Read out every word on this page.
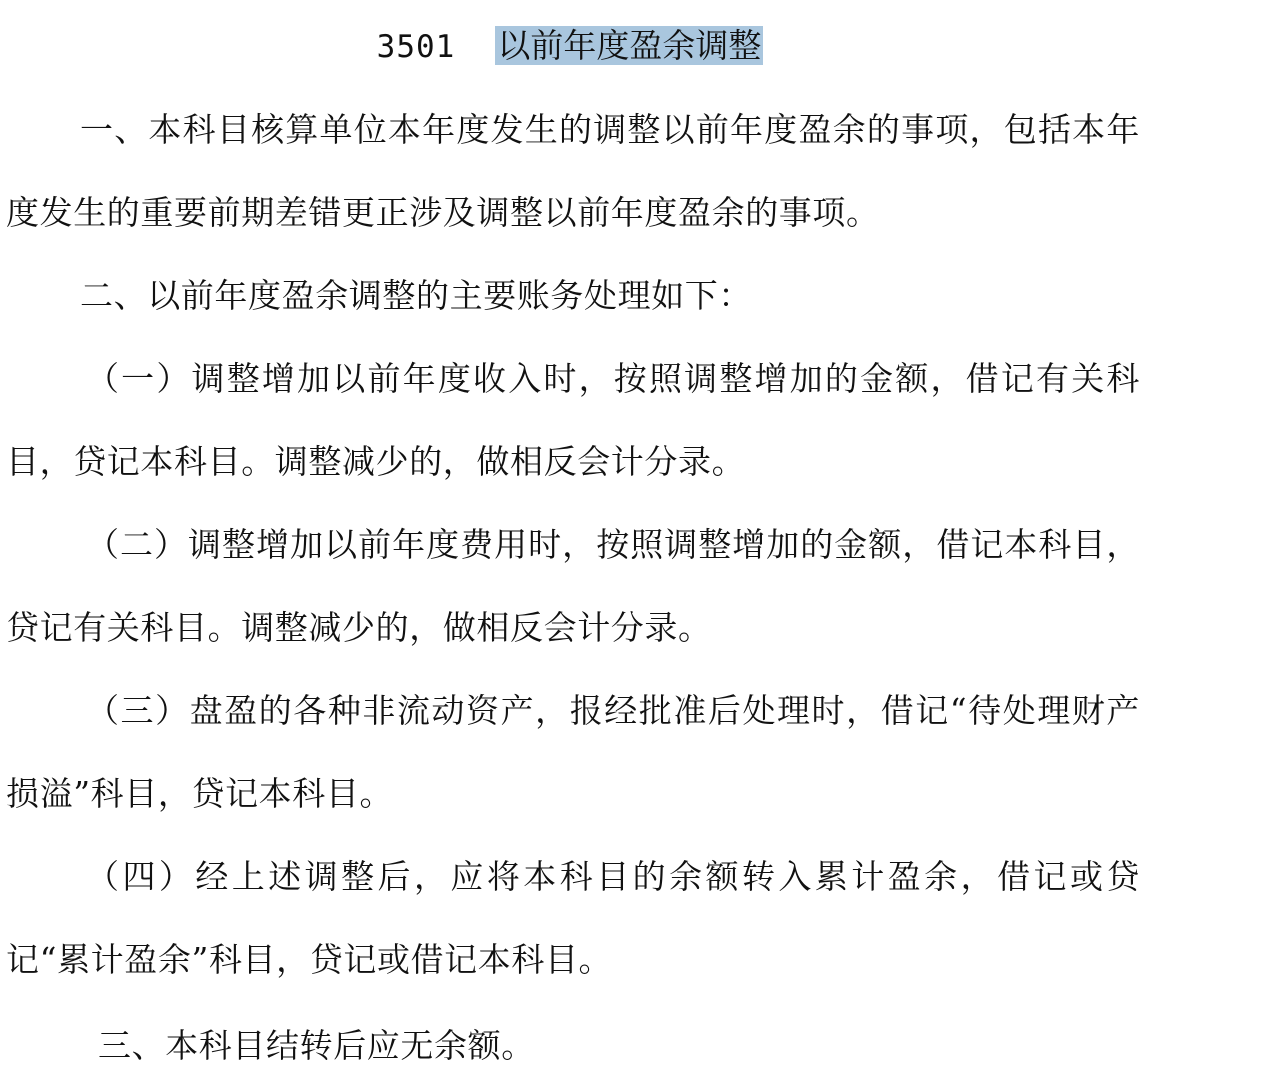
3501 以前年度盈余调整

一、本科目核算单位本年度发生的调整以前年度盈余的事项，包括本年度发生的重要前期差错更正涉及调整以前年度盈余的事项。

二、以前年度盈余调整的主要账务处理如下：

（一）调整增加以前年度收入时，按照调整增加的金额，借记有关科目，贷记本科目。调整减少的，做相反会计分录。

（二）调整增加以前年度费用时，按照调整增加的金额，借记本科目，贷记有关科目。调整减少的，做相反会计分录。

（三）盘盈的各种非流动资产，报经批准后处理时，借记“待处理财产损溢”科目，贷记本科目。

（四）经上述调整后，应将本科目的余额转入累计盈余，借记或贷记“累计盈余”科目，贷记或借记本科目。

三、本科目结转后应无余额。
